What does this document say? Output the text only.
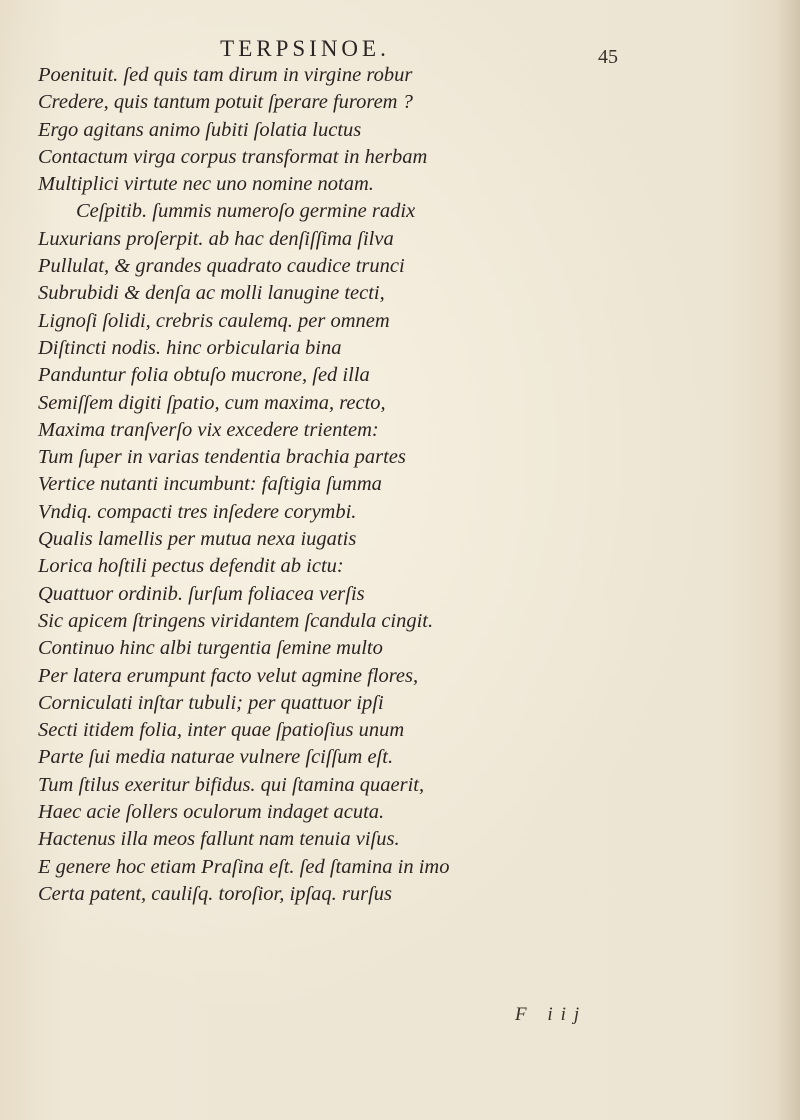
TERPSINOE.	45
Poenituit. ſed quis tam dirum in virgine robur
Credere, quis tantum potuit ſperare furorem ?
Ergo agitans animo ſubiti ſolatia luctus
Contactum virga corpus transformat in herbam
Multiplici virtute nec uno nomine notam.
Ceſpitib. ſummis numeroſo germine radix
Luxurians proſerpit. ab hac denſiſſima ſilva
Pullulat, & grandes quadrato caudice trunci
Subrubidi & denſa ac molli lanugine tecti,
Lignoſi ſolidi, crebris caulemq. per omnem
Diſtincti nodis. hinc orbicularia bina
Panduntur folia obtuſo mucrone, ſed illa
Semiſſem digiti ſpatio, cum maxima, recto,
Maxima tranſverſo vix excedere trientem:
Tum ſuper in varias tendentia brachia partes
Vertice nutanti incumbunt: faſtigia ſumma
Vndiq. compacti tres inſedere corymbi.
Qualis lamellis per mutua nexa iugatis
Lorica hoſtili pectus defendit ab ictu:
Quattuor ordinib. ſurſum foliacea verſis
Sic apicem ſtringens viridantem ſcandula cingit.
Continuo hinc albi turgentia ſemine multo
Per latera erumpunt facto velut agmine flores,
Corniculati inſtar tubuli; per quattuor ipſi
Secti itidem folia, inter quae ſpatioſius unum
Parte ſui media naturae vulnere ſciſſum eſt.
Tum ſtilus exeritur bifidus. qui ſtamina quaerit,
Haec acie ſollers oculorum indaget acuta.
Hactenus illa meos fallunt nam tenuia viſus.
E genere hoc etiam Praſina eſt. ſed ſtamina in imo
Certa patent, cauliſq. toroſior, ipſaq. rurſus
F iij
